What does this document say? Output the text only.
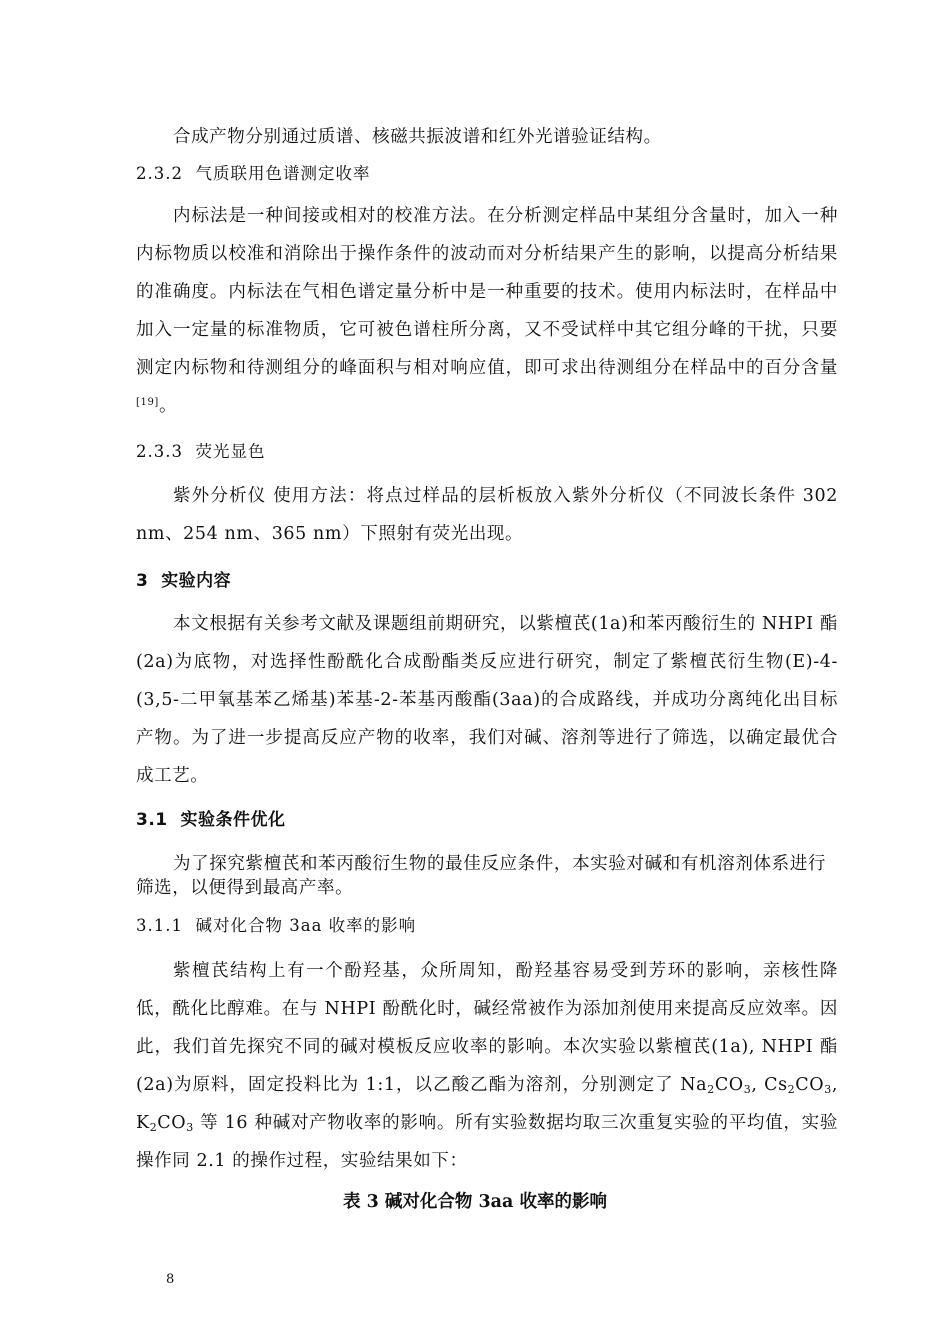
合成产物分别通过质谱、核磁共振波谱和红外光谱验证结构。

2.3.2 气质联用色谱测定收率

内标法是一种间接或相对的校准方法。在分析测定样品中某组分含量时，加入一种内标物质以校准和消除出于操作条件的波动而对分析结果产生的影响，以提高分析结果的准确度。内标法在气相色谱定量分析中是一种重要的技术。使用内标法时，在样品中加入一定量的标准物质，它可被色谱柱所分离，又不受试样中其它组分峰的干扰，只要测定内标物和待测组分的峰面积与相对响应值，即可求出待测组分在样品中的百分含量[19]。

2.3.3 荧光显色

紫外分析仪 使用方法：将点过样品的层析板放入紫外分析仪（不同波长条件 302 nm、254 nm、365 nm）下照射有荧光出现。

3 实验内容

本文根据有关参考文献及课题组前期研究，以紫檀芪(1a)和苯丙酸衍生的 NHPI 酯(2a)为底物，对选择性酚酰化合成酚酯类反应进行研究，制定了紫檀芪衍生物(E)-4-(3,5-二甲氧基苯乙烯基)苯基-2-苯基丙酸酯(3aa)的合成路线，并成功分离纯化出目标产物。为了进一步提高反应产物的收率，我们对碱、溶剂等进行了筛选，以确定最优合成工艺。

3.1 实验条件优化

为了探究紫檀芪和苯丙酸衍生物的最佳反应条件，本实验对碱和有机溶剂体系进行筛选，以便得到最高产率。

3.1.1 碱对化合物 3aa 收率的影响

紫檀芪结构上有一个酚羟基，众所周知，酚羟基容易受到芳环的影响，亲核性降低，酰化比醇难。在与 NHPI 酚酰化时，碱经常被作为添加剂使用来提高反应效率。因此，我们首先探究不同的碱对模板反应收率的影响。本次实验以紫檀芪(1a), NHPI 酯(2a)为原料，固定投料比为 1:1，以乙酸乙酯为溶剂，分别测定了 $Na_2CO_3$, $Cs_2CO_3$, $K_2CO_3$ 等 16 种碱对产物收率的影响。所有实验数据均取三次重复实验的平均值，实验操作同 2.1 的操作过程，实验结果如下：

表 3 碱对化合物 3aa 收率的影响

8
